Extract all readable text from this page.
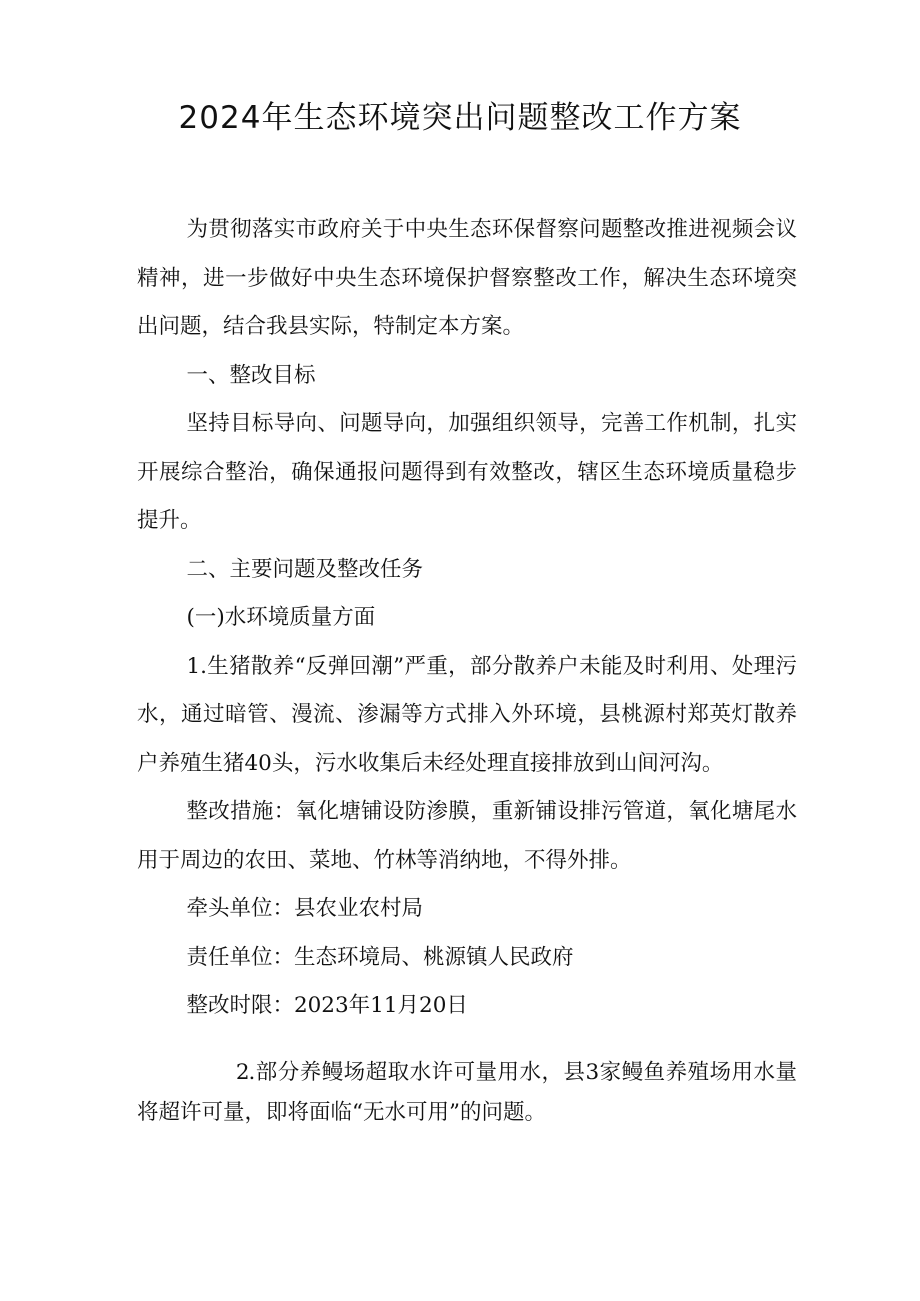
2024年生态环境突出问题整改工作方案

为贯彻落实市政府关于中央生态环保督察问题整改推进视频会议精神，进一步做好中央生态环境保护督察整改工作，解决生态环境突出问题，结合我县实际，特制定本方案。

一、整改目标

坚持目标导向、问题导向，加强组织领导，完善工作机制，扎实开展综合整治，确保通报问题得到有效整改，辖区生态环境质量稳步提升。

二、主要问题及整改任务

(一)水环境质量方面

1.生猪散养“反弹回潮”严重，部分散养户未能及时利用、处理污水，通过暗管、漫流、渗漏等方式排入外环境，县桃源村郑英灯散养户养殖生猪40头，污水收集后未经处理直接排放到山间河沟。

整改措施：氧化塘铺设防渗膜，重新铺设排污管道，氧化塘尾水用于周边的农田、菜地、竹林等消纳地，不得外排。

牵头单位：县农业农村局

责任单位：生态环境局、桃源镇人民政府

整改时限：2023年11月20日

2.部分养鳗场超取水许可量用水，县3家鳗鱼养殖场用水量将超许可量，即将面临“无水可用”的问题。
